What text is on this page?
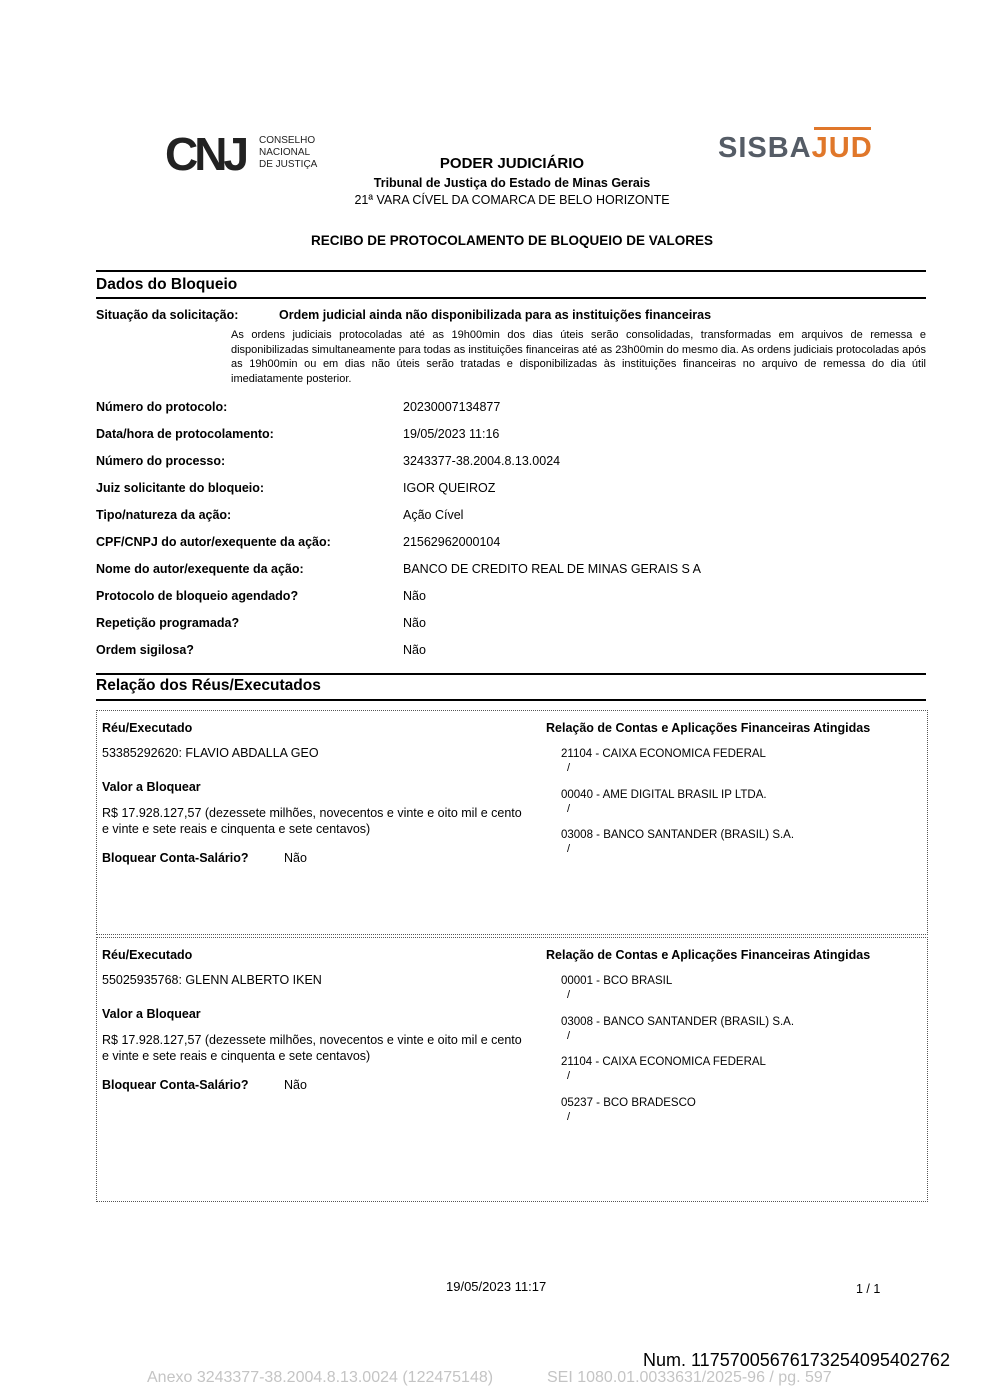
CNJ CONSELHO
NACIONAL
DE JUSTIÇA
SISBAJUD
PODER JUDICIÁRIO
Tribunal de Justiça do Estado de Minas Gerais
21ª VARA CÍVEL DA COMARCA DE BELO HORIZONTE
RECIBO DE PROTOCOLAMENTO DE BLOQUEIO DE VALORES
Dados do Bloqueio
Situação da solicitação:	Ordem judicial ainda não disponibilizada para as instituições financeiras
As ordens judiciais protocoladas até as 19h00min dos dias úteis serão consolidadas, transformadas em arquivos de remessa e disponibilizadas simultaneamente para todas as instituições financeiras até as 23h00min do mesmo dia. As ordens judiciais protocoladas após as 19h00min ou em dias não úteis serão tratadas e disponibilizadas às instituições financeiras no arquivo de remessa do dia útil imediatamente posterior.
Número do protocolo:	20230007134877
Data/hora de protocolamento:	19/05/2023 11:16
Número do processo:	3243377-38.2004.8.13.0024
Juiz solicitante do bloqueio:	IGOR QUEIROZ
Tipo/natureza da ação:	Ação Cível
CPF/CNPJ do autor/exequente da ação:	21562962000104
Nome do autor/exequente da ação:	BANCO DE CREDITO REAL DE MINAS GERAIS S A
Protocolo de bloqueio agendado?	Não
Repetição programada?	Não
Ordem sigilosa?	Não
Relação dos Réus/Executados
Réu/Executado
53385292620: FLAVIO ABDALLA GEO
Valor a Bloquear
R$ 17.928.127,57 (dezessete milhões, novecentos e vinte e oito mil e cento e vinte e sete reais e cinquenta e sete centavos)
Bloquear Conta-Salário?	Não
Relação de Contas e Aplicações Financeiras Atingidas
21104 - CAIXA ECONOMICA FEDERAL
/
00040 - AME DIGITAL BRASIL IP LTDA.
/
03008 - BANCO SANTANDER (BRASIL) S.A.
/
Réu/Executado
55025935768: GLENN ALBERTO IKEN
Valor a Bloquear
R$ 17.928.127,57 (dezessete milhões, novecentos e vinte e oito mil e cento e vinte e sete reais e cinquenta e sete centavos)
Bloquear Conta-Salário?	Não
Relação de Contas e Aplicações Financeiras Atingidas
00001 - BCO BRASIL
/
03008 - BANCO SANTANDER (BRASIL) S.A.
/
21104 - CAIXA ECONOMICA FEDERAL
/
05237 - BCO BRADESCO
/
19/05/2023 11:17	1 / 1
Num. 11757005676173254095402762
Anexo 3243377-38.2004.8.13.0024 (122475148)	SEI 1080.01.0033631/2025-96 / pg. 597
